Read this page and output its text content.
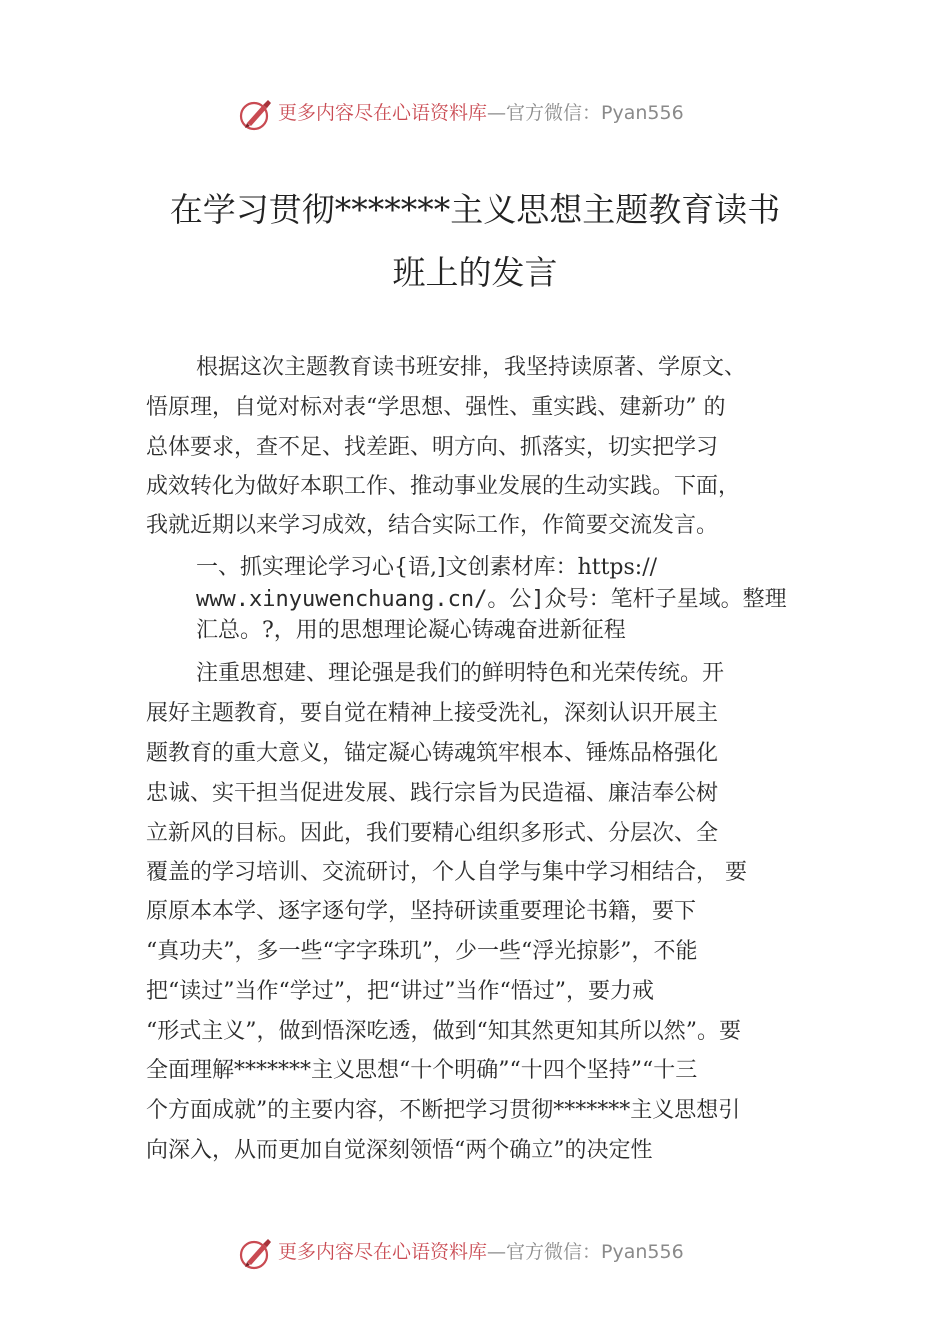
更多内容尽在心语资料库—官方微信：Pyan556
在学习贯彻*******主义思想主题教育读书
班上的发言
根据这次主题教育读书班安排，我坚持读原著、学原文、
悟原理，自觉对标对表“学思想、强性、重实践、建新功” 的
总体要求，查不足、找差距、明方向、抓落实，切实把学习
成效转化为做好本职工作、推动事业发展的生动实践。下面，
我就近期以来学习成效，结合实际工作，作简要交流发言。
一、抓实理论学习心{语,]文创素材库：https://
www.xinyuwenchuang.cn/。公]众号：笔杆子星域。整理
汇总。?，用的思想理论凝心铸魂奋进新征程
注重思想建、理论强是我们的鲜明特色和光荣传统。开
展好主题教育，要自觉在精神上接受洗礼，深刻认识开展主
题教育的重大意义，锚定凝心铸魂筑牢根本、锤炼品格强化
忠诚、实干担当促进发展、践行宗旨为民造福、廉洁奉公树
立新风的目标。因此，我们要精心组织多形式、分层次、全
覆盖的学习培训、交流研讨，个人自学与集中学习相结合， 要
原原本本学、逐字逐句学，坚持研读重要理论书籍，要下
“真功夫”，多一些“字字珠玑”，少一些“浮光掠影”，不能
把“读过”当作“学过”，把“讲过”当作“悟过”，要力戒
“形式主义”，做到悟深吃透，做到“知其然更知其所以然”。要
全面理解*******主义思想“十个明确”“十四个坚持”“十三
个方面成就”的主要内容，不断把学习贯彻*******主义思想引
向深入，从而更加自觉深刻领悟“两个确立”的决定性
更多内容尽在心语资料库—官方微信：Pyan556
